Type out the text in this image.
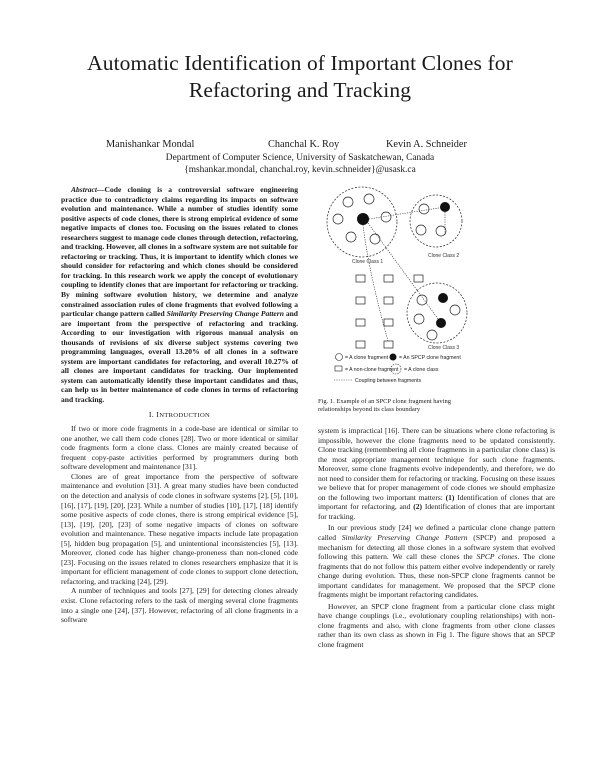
Automatic Identification of Important Clones for
Refactoring and Tracking
Manishankar Mondal	Chanchal K. Roy	Kevin A. Schneider
Department of Computer Science, University of Saskatchewan, Canada
{mshankar.mondal, chanchal.roy, kevin.schneider}@usask.ca

Abstract—Code cloning is a controversial software engineering practice due to contradictory claims regarding its impacts on software evolution and maintenance. While a number of studies identify some positive aspects of code clones, there is strong empirical evidence of some negative impacts of clones too. Focusing on the issues related to clones researchers suggest to manage code clones through detection, refactoring, and tracking. However, all clones in a software system are not suitable for refactoring or tracking. Thus, it is important to identify which clones we should consider for refactoring and which clones should be considered for tracking. In this research work we apply the concept of evolutionary coupling to identify clones that are important for refactoring or tracking. By mining software evolution history, we determine and analyze constrained association rules of clone fragments that evolved following a particular change pattern called Similarity Preserving Change Pattern and are important from the perspective of refactoring and tracking. According to our investigation with rigorous manual analysis on thousands of revisions of six diverse subject systems covering two programming languages, overall 13.20% of all clones in a software system are important candidates for refactoring, and overall 10.27% of all clones are important candidates for tracking. Our implemented system can automatically identify these important candidates and thus, can help us in better maintenance of code clones in terms of refactoring and tracking.

I. INTRODUCTION

If two or more code fragments in a code-base are identical or similar to one another, we call them code clones [28]. Two or more identical or similar code fragments form a clone class. Clones are mainly created because of frequent copy-paste activities performed by programmers during both software development and maintenance [31].

Clones are of great importance from the perspective of software maintenance and evolution [31]. A great many studies have been conducted on the detection and analysis of code clones in software systems [2], [5], [10], [16], [17], [19], [20], [23]. While a number of studies [10], [17], [18] identify some positive aspects of code clones, there is strong empirical evidence [5], [13], [19], [20], [23] of some negative impacts of clones on software evolution and maintenance. These negative impacts include late propagation [5], hidden bug propagation [5], and unintentional inconsistencies [5], [13]. Moreover, cloned code has higher change-proneness than non-cloned code [23]. Focusing on the issues related to clones researchers emphasize that it is important for efficient management of code clones to support clone detection, refactoring, and tracking [24], [29].

A number of techniques and tools [27], [29] for detecting clones already exist. Clone refactoring refers to the task of merging several clone fragments into a single one [24], [37]. However, refactoring of all clone fragments in a software

Clone Class 1
Clone Class 2
Clone Class 3
= A clone fragment = An SPCP clone fragment
= A non-clone fragment = A clone class
Coupling between fragments
Fig. 1. Example of an SPCP clone fragment having relationships beyond its class boundary

system is impractical [16]. There can be situations where clone refactoring is impossible, however the clone fragments need to be updated consistently. Clone tracking (remembering all clone fragments in a particular clone class) is the most appropriate management technique for such clone fragments. Moreover, some clone fragments evolve independently, and therefore, we do not need to consider them for refactoring or tracking. Focusing on these issues we believe that for proper management of code clones we should emphasize on the following two important matters: (1) Identification of clones that are important for refactoring, and (2) Identification of clones that are important for tracking.

In our previous study [24] we defined a particular clone change pattern called Similarity Preserving Change Pattern (SPCP) and proposed a mechanism for detecting all those clones in a software system that evolved following this pattern. We call these clones the SPCP clones. The clone fragments that do not follow this pattern either evolve independently or rarely change during evolution. Thus, these non-SPCP clone fragments cannot be important candidates for management. We proposed that the SPCP clone fragments might be important refactoring candidates.

However, an SPCP clone fragment from a particular clone class might have change couplings (i.e., evolutionary coupling relationships) with non-clone fragments and also, with clone fragments from other clone classes rather than its own class as shown in Fig 1. The figure shows that an SPCP clone fragment
